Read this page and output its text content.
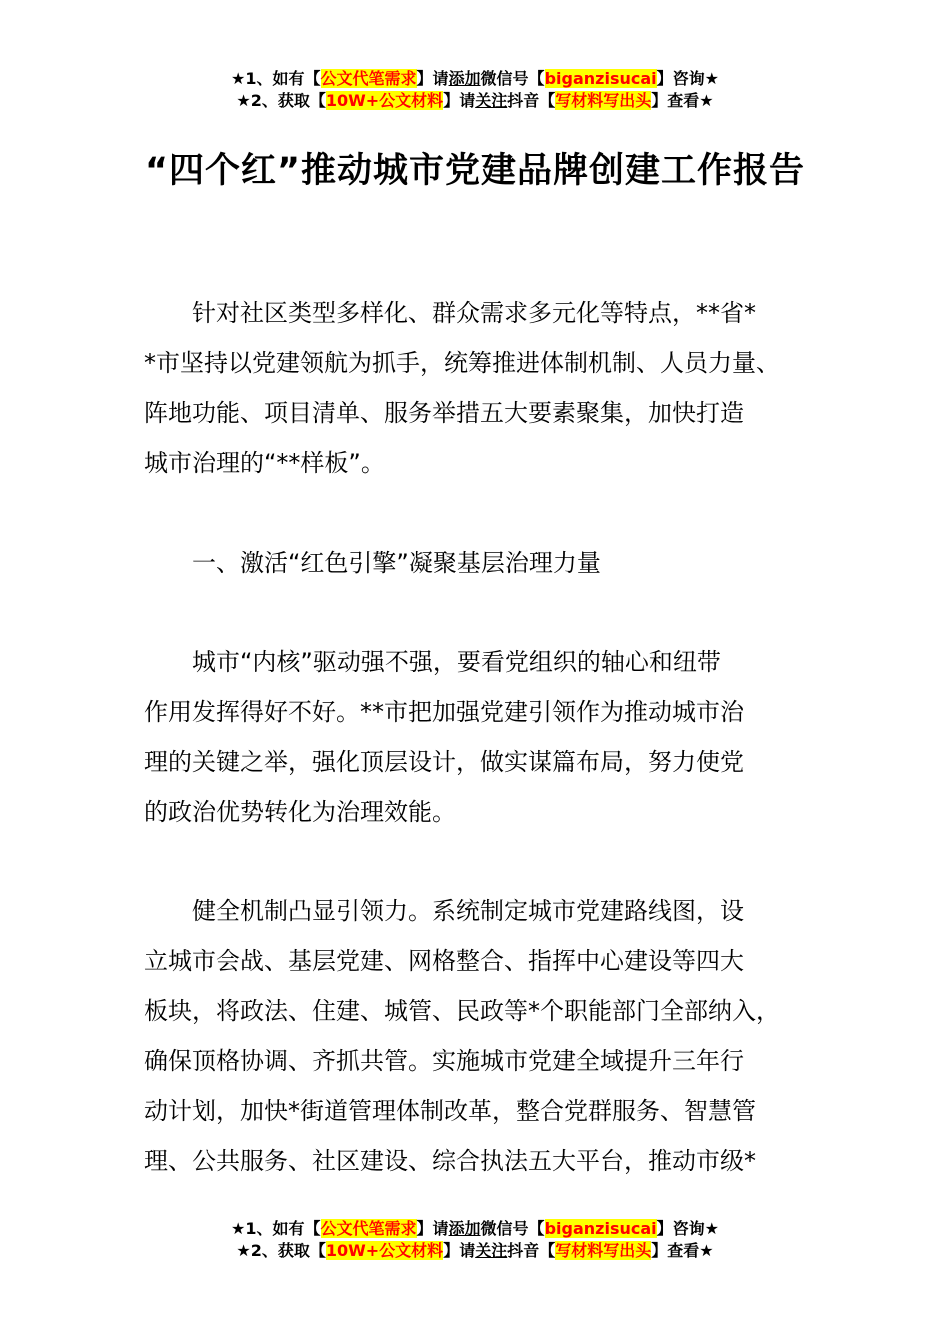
★1、如有【公文代笔需求】请添加微信号【biganzisucai】咨询★
★2、获取【10W+公文材料】请关注抖音【写材料写出头】查看★
“四个红”推动城市党建品牌创建工作报告
　　针对社区类型多样化、群众需求多元化等特点，**省*
*市坚持以党建领航为抓手，统筹推进体制机制、人员力量、
阵地功能、项目清单、服务举措五大要素聚集，加快打造
城市治理的“**样板”。
　　一、激活“红色引擎”凝聚基层治理力量
　　城市“内核”驱动强不强，要看党组织的轴心和纽带
作用发挥得好不好。**市把加强党建引领作为推动城市治
理的关键之举，强化顶层设计，做实谋篇布局，努力使党
的政治优势转化为治理效能。
　　健全机制凸显引领力。系统制定城市党建路线图，设
立城市会战、基层党建、网格整合、指挥中心建设等四大
板块，将政法、住建、城管、民政等*个职能部门全部纳入，
确保顶格协调、齐抓共管。实施城市党建全域提升三年行
动计划，加快*街道管理体制改革，整合党群服务、智慧管
理、公共服务、社区建设、综合执法五大平台，推动市级*
★1、如有【公文代笔需求】请添加微信号【biganzisucai】咨询★
★2、获取【10W+公文材料】请关注抖音【写材料写出头】查看★
